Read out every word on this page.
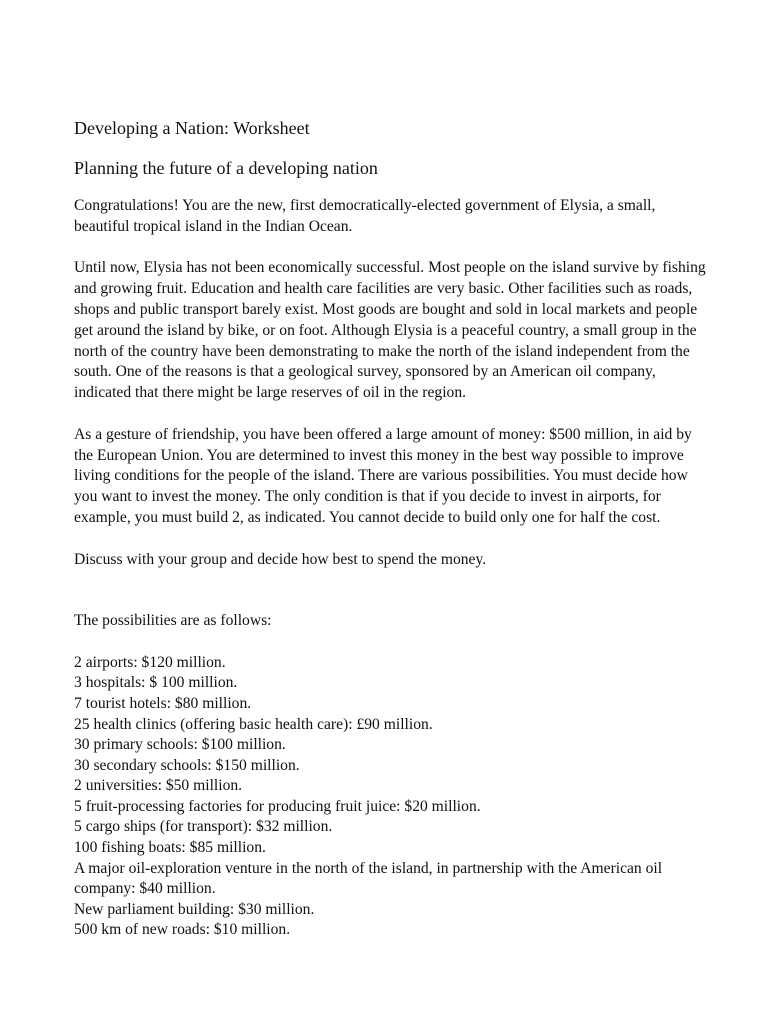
Developing a Nation: Worksheet
Planning the future of a developing nation

Congratulations! You are the new, first democratically-elected government of Elysia, a small, beautiful tropical island in the Indian Ocean.

Until now, Elysia has not been economically successful. Most people on the island survive by fishing and growing fruit. Education and health care facilities are very basic. Other facilities such as roads, shops and public transport barely exist. Most goods are bought and sold in local markets and people get around the island by bike, or on foot. Although Elysia is a peaceful country, a small group in the north of the country have been demonstrating to make the north of the island independent from the south. One of the reasons is that a geological survey, sponsored by an American oil company, indicated that there might be large reserves of oil in the region.

As a gesture of friendship, you have been offered a large amount of money: $500 million, in aid by the European Union. You are determined to invest this money in the best way possible to improve living conditions for the people of the island. There are various possibilities. You must decide how you want to invest the money. The only condition is that if you decide to invest in airports, for example, you must build 2, as indicated. You cannot decide to build only one for half the cost.

Discuss with your group and decide how best to spend the money.

The possibilities are as follows:

2 airports: $120 million.
3 hospitals: $ 100 million.
7 tourist hotels: $80 million.
25 health clinics (offering basic health care): £90 million.
30 primary schools: $100 million.
30 secondary schools: $150 million.
2 universities: $50 million.
5 fruit-processing factories for producing fruit juice: $20 million.
5 cargo ships (for transport): $32 million.
100 fishing boats: $85 million.
A major oil-exploration venture in the north of the island, in partnership with the American oil company: $40 million.
New parliament building: $30 million.
500 km of new roads: $10 million.
